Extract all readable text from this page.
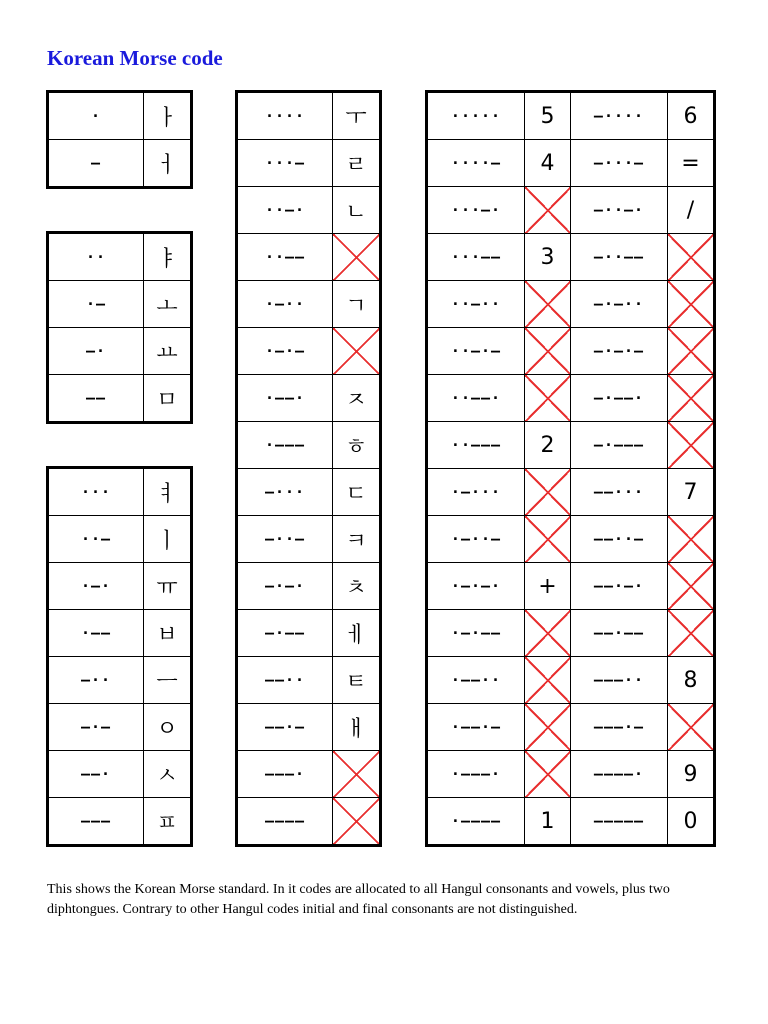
Korean Morse code
·	ㅏ
‒	ㅓ
··	ㅑ
·‒	ㅗ
‒·	ㅛ
‒‒	ㅁ
···	ㅕ
··‒	ㅣ
·‒·	ㅠ
·‒‒	ㅂ
‒··	ㅡ
‒·‒	ㅇ
‒‒·	ㅅ
‒‒‒	ㅍ
····	ㅜ
···‒	ㄹ
··‒·	ㄴ
··‒‒	
·‒··	ㄱ
·‒·‒	
·‒‒·	ㅈ
·‒‒‒	ㅎ
‒···	ㄷ
‒··‒	ㅋ
‒·‒·	ㅊ
‒·‒‒	ㅔ
‒‒··	ㅌ
‒‒·‒	ㅐ
‒‒‒·	
‒‒‒‒	
·····	5	‒····	6
····‒	4	‒···‒	=
···‒·		‒··‒·	/
···‒‒	3	‒··‒‒	
··‒··		‒·‒··	
··‒·‒		‒·‒·‒	
··‒‒·		‒·‒‒·	
··‒‒‒	2	‒·‒‒‒	
·‒···		‒‒···	7
·‒··‒		‒‒··‒	
·‒·‒·	+	‒‒·‒·	
·‒·‒‒		‒‒·‒‒	
·‒‒··		‒‒‒··	8
·‒‒·‒		‒‒‒·‒	
·‒‒‒·		‒‒‒‒·	9
·‒‒‒‒	1	‒‒‒‒‒	0

This shows the Korean Morse standard. In it codes are allocated to all Hangul consonants and vowels, plus two diphtongues. Contrary to other Hangul codes initial and final consonants are not distinguished.
